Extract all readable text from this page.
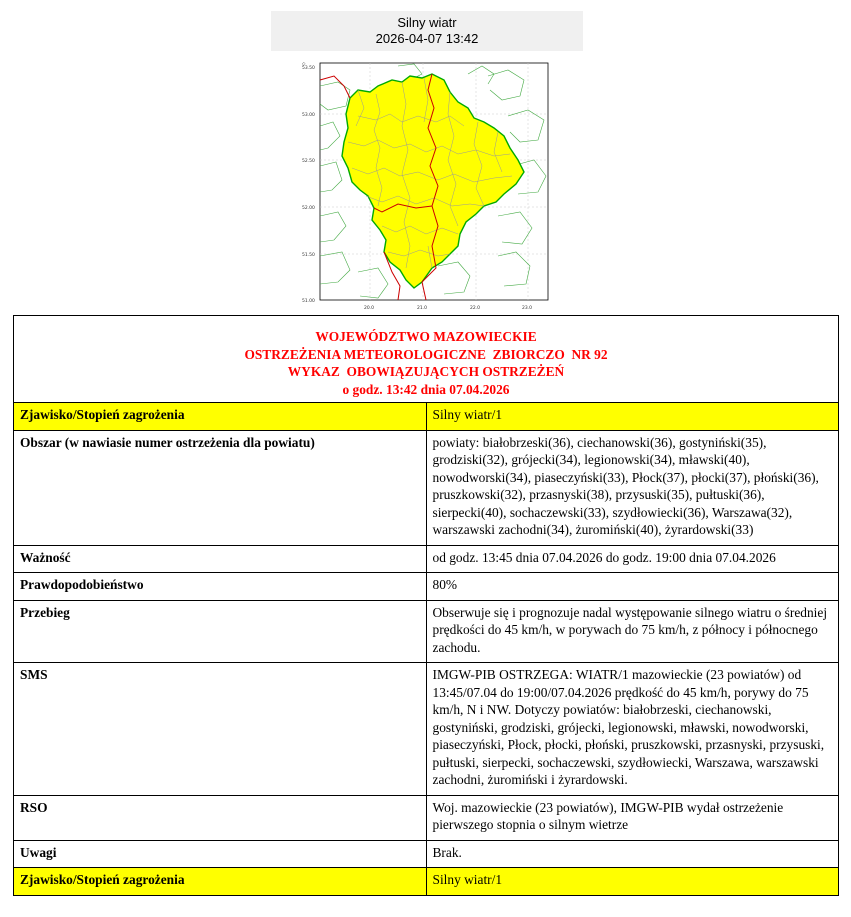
Silny wiatr
2026-04-07 13:42
◇
53.50
53.00
52.50
52.00
51.50
51.00
20.0	21.0	22.0	23.0
WOJEWÓDZTWO MAZOWIECKIE
OSTRZEŻENIA METEOROLOGICZNE  ZBIORCZO  NR 92
WYKAZ  OBOWIĄZUJĄCYCH OSTRZEŻEŃ
o godz. 13:42 dnia 07.04.2026	

Zjawisko/Stopień zagrożenia	Silny wiatr/1
Obszar (w nawiasie numer ostrzeżenia dla powiatu)	powiaty: białobrzeski(36), ciechanowski(36), gostyniński(35), grodziski(32), grójecki(34), legionowski(34), mławski(40), nowodworski(34), piaseczyński(33), Płock(37), płocki(37), płoński(36), pruszkowski(32), przasnyski(38), przysuski(35), pułtuski(36), sierpecki(40), sochaczewski(33), szydłowiecki(36), Warszawa(32), warszawski zachodni(34), żuromiński(40), żyrardowski(33)
Ważność	od godz. 13:45 dnia 07.04.2026 do godz. 19:00 dnia 07.04.2026
Prawdopodobieństwo	80%
Przebieg	Obserwuje się i prognozuje nadal występowanie silnego wiatru o średniej prędkości do 45 km/h, w porywach do 75 km/h, z północy i północnego zachodu.
SMS	IMGW-PIB OSTRZEGA: WIATR/1 mazowieckie (23 powiatów) od 13:45/07.04 do 19:00/07.04.2026 prędkość do 45 km/h, porywy do 75 km/h, N i NW. Dotyczy powiatów: białobrzeski, ciechanowski, gostyniński, grodziski, grójecki, legionowski, mławski, nowodworski, piaseczyński, Płock, płocki, płoński, pruszkowski, przasnyski, przysuski, pułtuski, sierpecki, sochaczewski, szydłowiecki, Warszawa, warszawski zachodni, żuromiński i żyrardowski.
RSO	Woj. mazowieckie (23 powiatów), IMGW-PIB wydał ostrzeżenie pierwszego stopnia o silnym wietrze
Uwagi	Brak.
Zjawisko/Stopień zagrożenia	Silny wiatr/1
